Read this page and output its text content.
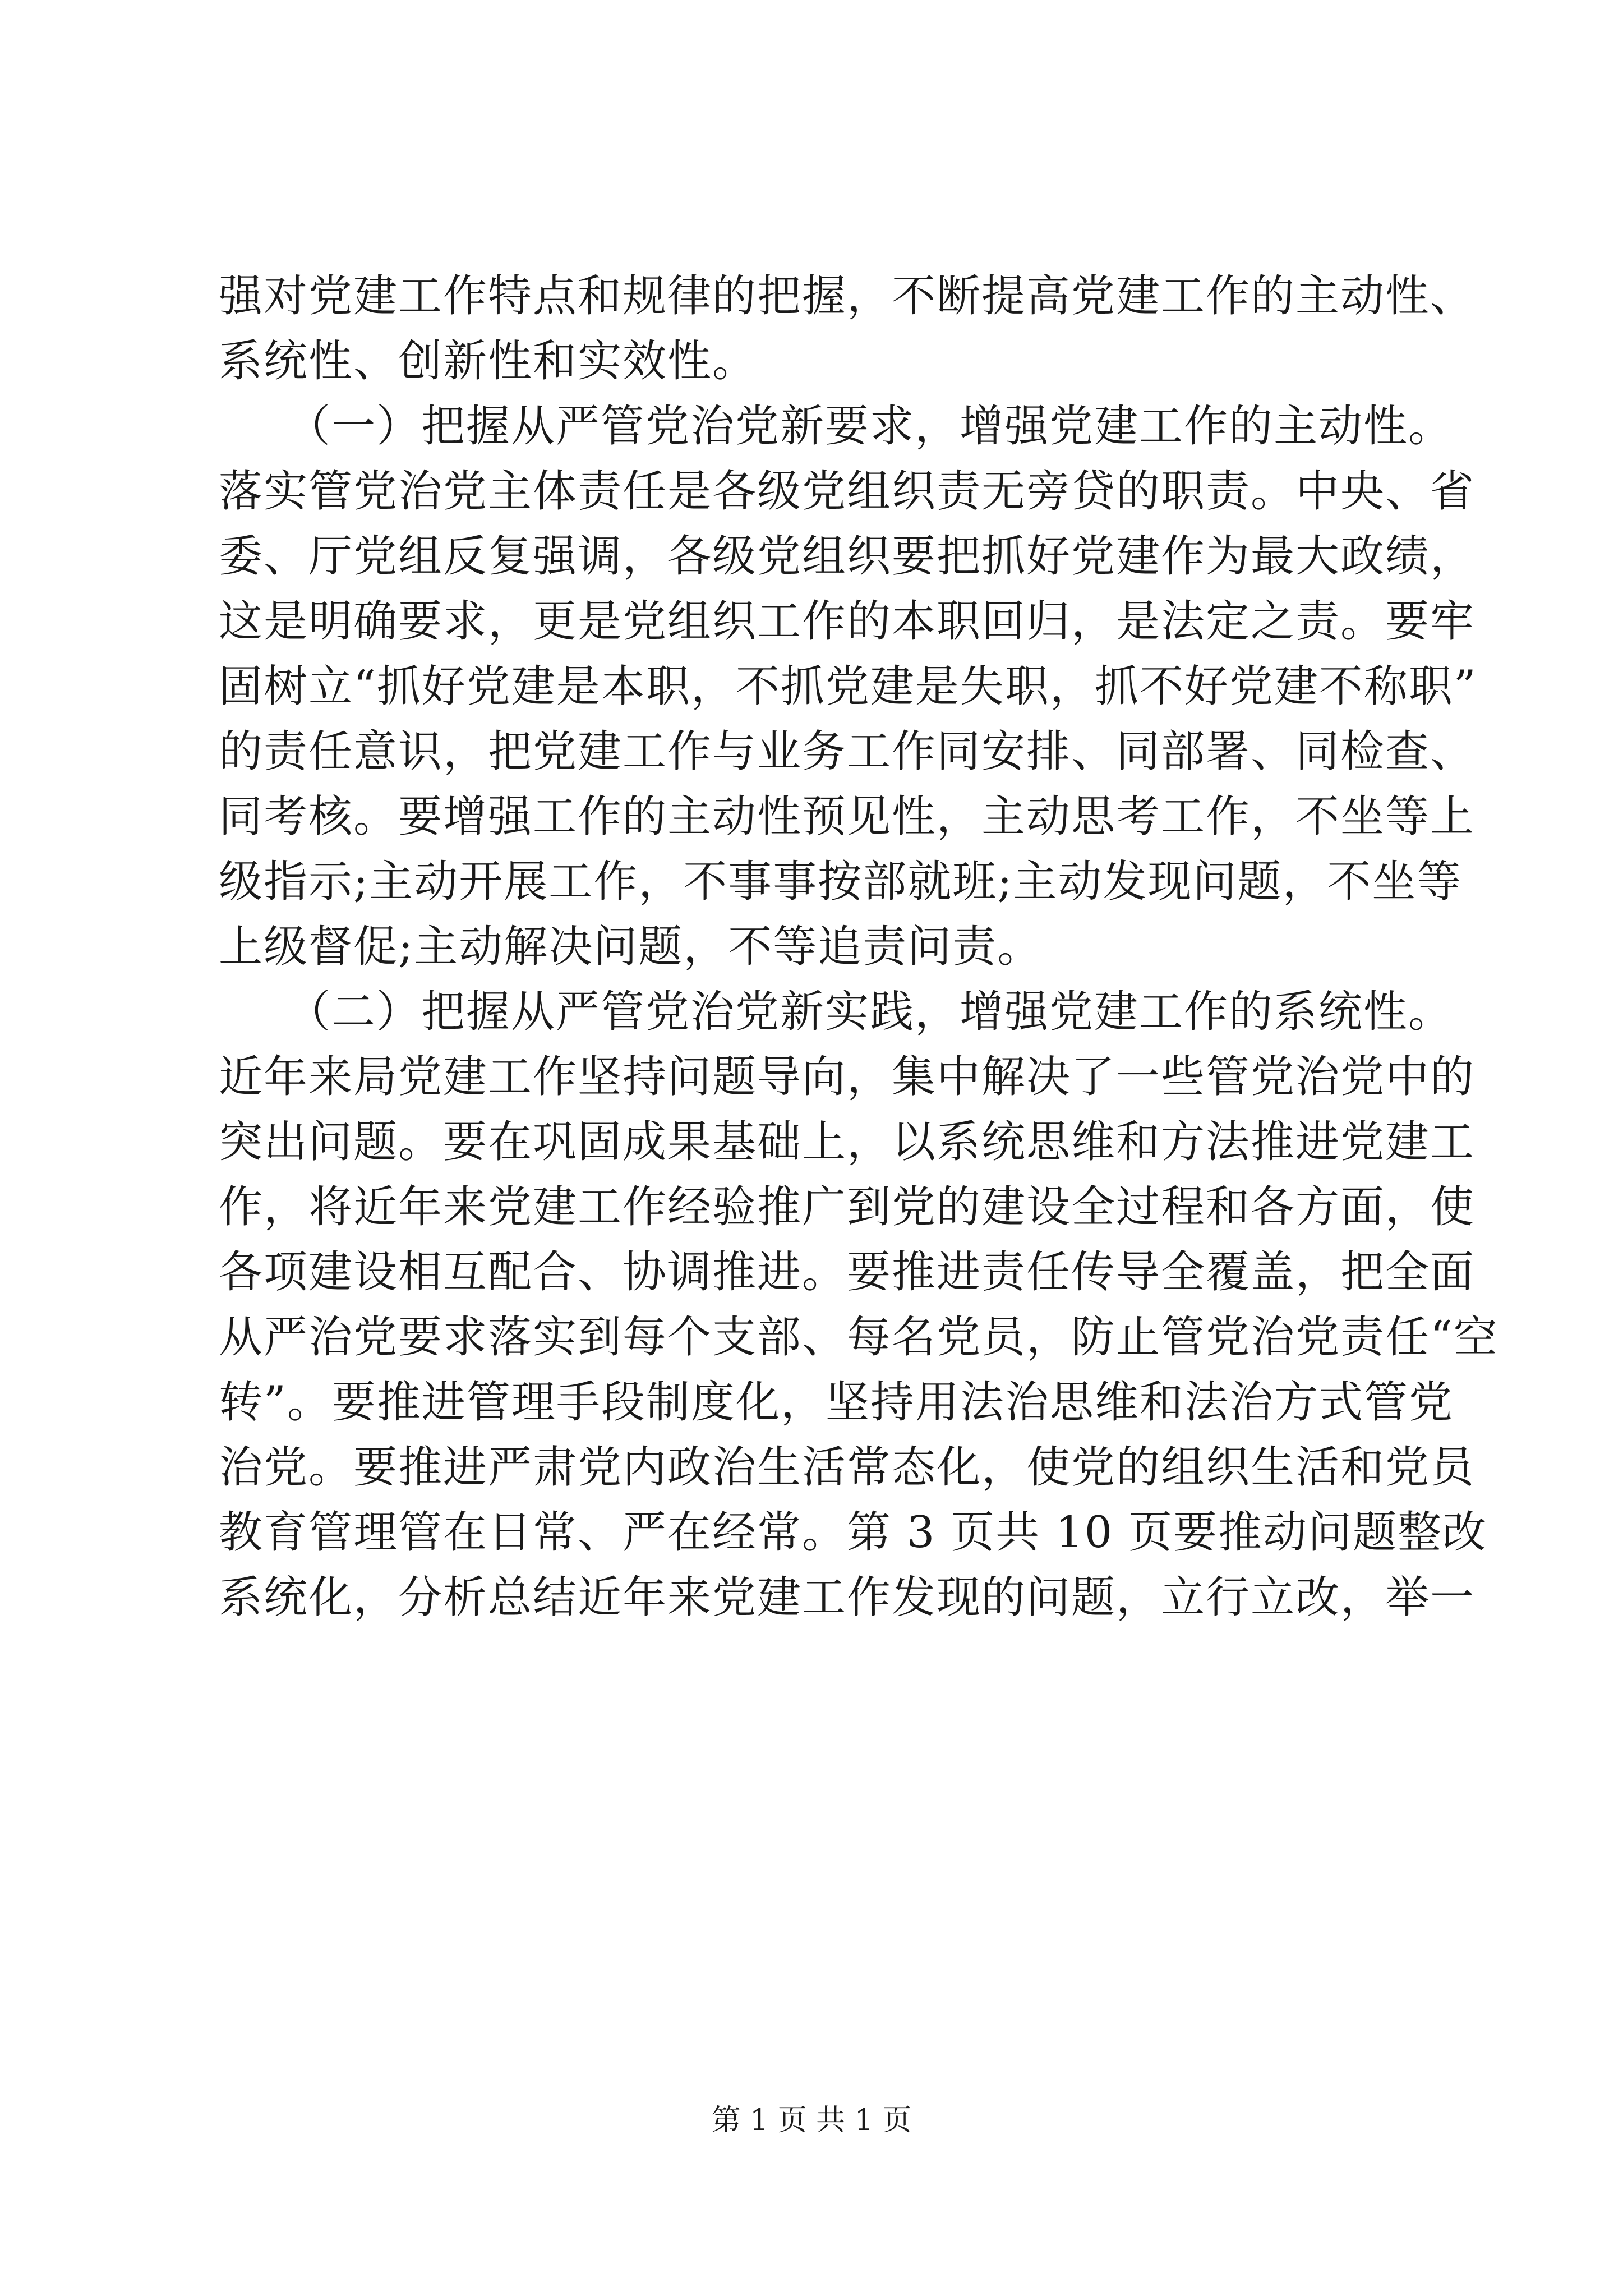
强对党建工作特点和规律的把握，不断提高党建工作的主动性、

系统性、创新性和实效性。

　　（一）把握从严管党治党新要求，增强党建工作的主动性。

落实管党治党主体责任是各级党组织责无旁贷的职责。中央、省

委、厅党组反复强调，各级党组织要把抓好党建作为最大政绩，

这是明确要求，更是党组织工作的本职回归，是法定之责。要牢

固树立“抓好党建是本职，不抓党建是失职，抓不好党建不称职”

的责任意识，把党建工作与业务工作同安排、同部署、同检查、

同考核。要增强工作的主动性预见性，主动思考工作，不坐等上

级指示;主动开展工作，不事事按部就班;主动发现问题，不坐等

上级督促;主动解决问题，不等追责问责。

　　（二）把握从严管党治党新实践，增强党建工作的系统性。

近年来局党建工作坚持问题导向，集中解决了一些管党治党中的

突出问题。要在巩固成果基础上，以系统思维和方法推进党建工

作，将近年来党建工作经验推广到党的建设全过程和各方面，使

各项建设相互配合、协调推进。要推进责任传导全覆盖，把全面

从严治党要求落实到每个支部、每名党员，防止管党治党责任“空

转”。要推进管理手段制度化，坚持用法治思维和法治方式管党

治党。要推进严肃党内政治生活常态化，使党的组织生活和党员

教育管理管在日常、严在经常。第 3 页共 10 页要推动问题整改

系统化，分析总结近年来党建工作发现的问题，立行立改，举一

第 1 页 共 1 页
